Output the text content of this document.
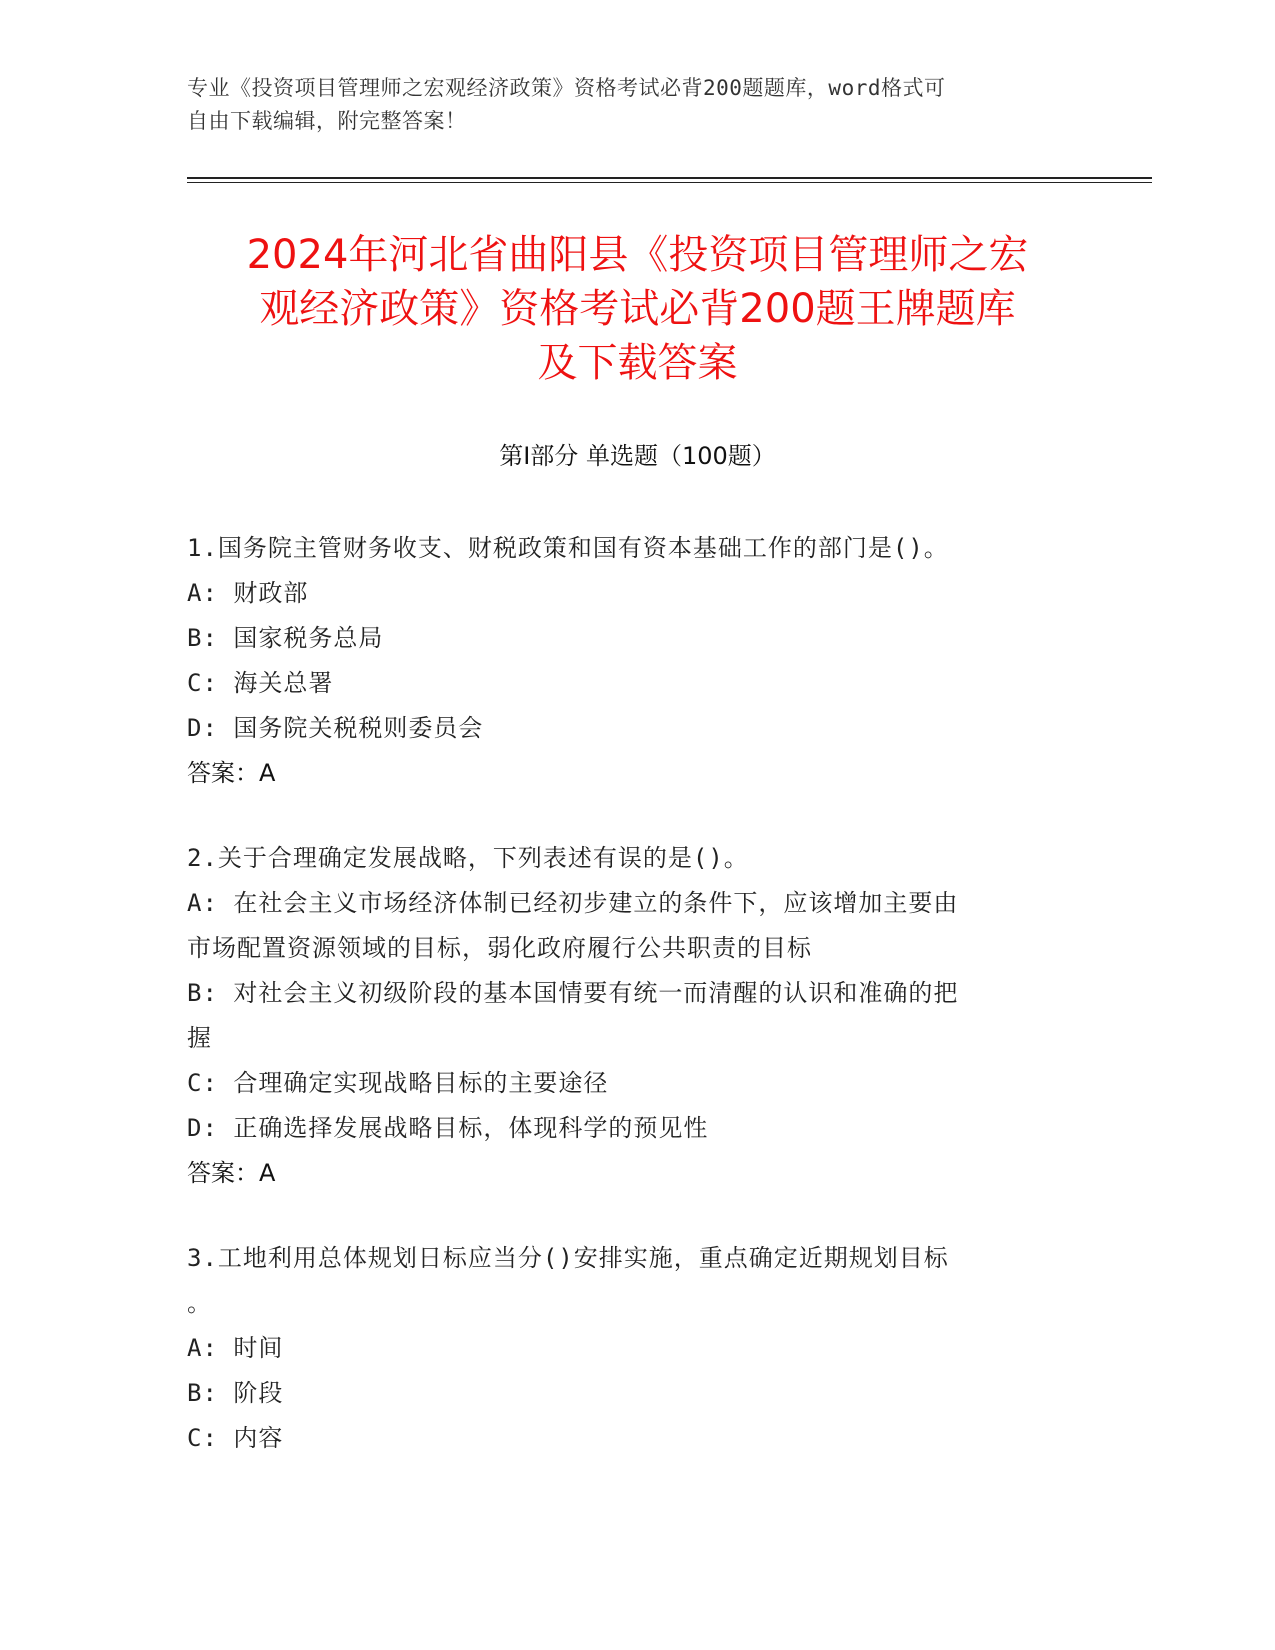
专业《投资项目管理师之宏观经济政策》资格考试必背200题题库，word格式可
自由下载编辑，附完整答案！
2024年河北省曲阳县《投资项目管理师之宏
观经济政策》资格考试必背200题王牌题库
及下载答案
第Ⅰ部分 单选题（100题）
1.国务院主管财务收支、财税政策和国有资本基础工作的部门是()。
A: 财政部
B: 国家税务总局
C: 海关总署
D: 国务院关税税则委员会
答案：A
2.关于合理确定发展战略，下列表述有误的是()。
A: 在社会主义市场经济体制已经初步建立的条件下，应该增加主要由
市场配置资源领域的目标，弱化政府履行公共职责的目标
B: 对社会主义初级阶段的基本国情要有统一而清醒的认识和准确的把
握
C: 合理确定实现战略目标的主要途径
D: 正确选择发展战略目标，体现科学的预见性
答案：A
3.工地利用总体规划日标应当分()安排实施，重点确定近期规划目标
。
A: 时间
B: 阶段
C: 内容
